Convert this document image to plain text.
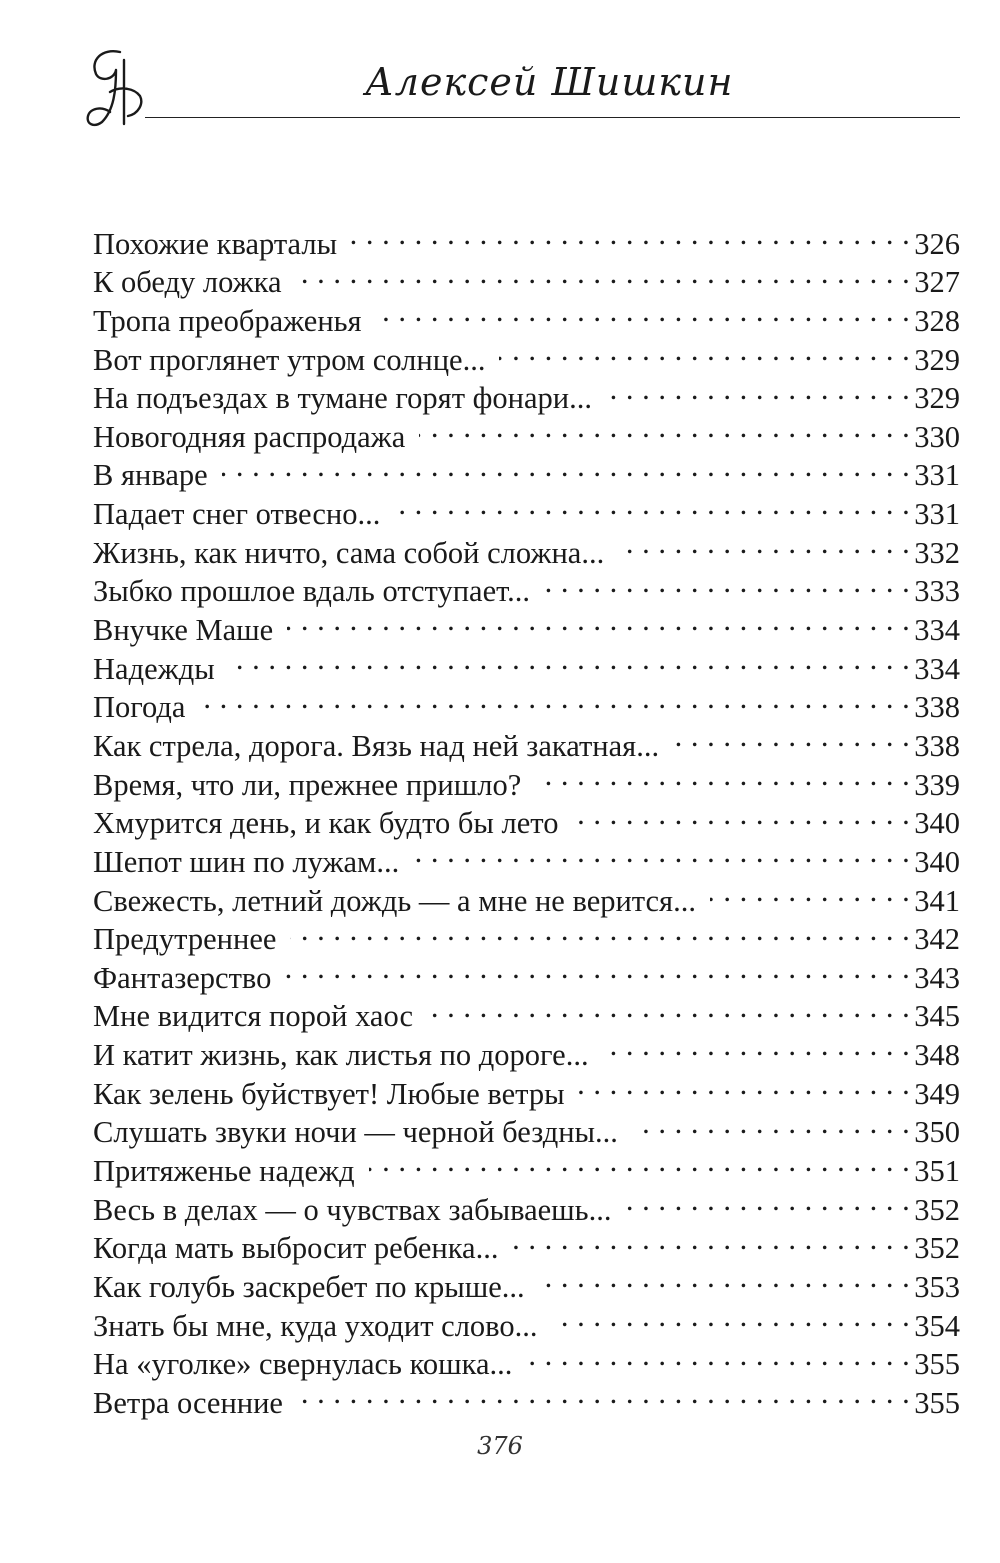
Алексей Шишкин
Похожие кварталы . . .	326
К обеду ложка . . .	327
Тропа преображенья . . .	328
Вот проглянет утром солнце... . . .	329
На подъездах в тумане горят фонари... . . .	329
Новогодняя распродажа . . .	330
В январе . . .	331
Падает снег отвесно... . . .	331
Жизнь, как ничто, сама собой сложна... . . .	332
Зыбко прошлое вдаль отступает... . . .	333
Внучке Маше . . .	334
Надежды . . .	334
Погода . . .	338
Как стрела, дорога. Вязь над ней закатная... . . .	338
Время, что ли, прежнее пришло? . . .	339
Хмурится день, и как будто бы лето . . .	340
Шепот шин по лужам... . . .	340
Свежесть, летний дождь — а мне не верится... . . .	341
Предутреннее . . .	342
Фантазерство . . .	343
Мне видится порой хаос . . .	345
И катит жизнь, как листья по дороге... . . .	348
Как зелень буйствует! Любые ветры . . .	349
Слушать звуки ночи — черной бездны... . . .	350
Притяженье надежд . . .	351
Весь в делах — о чувствах забываешь... . . .	352
Когда мать выбросит ребенка... . . .	352
Как голубь заскребет по крыше... . . .	353
Знать бы мне, куда уходит слово... . . .	354
На «уголке» свернулась кошка... . . .	355
Ветра осенние . . .	355
376
